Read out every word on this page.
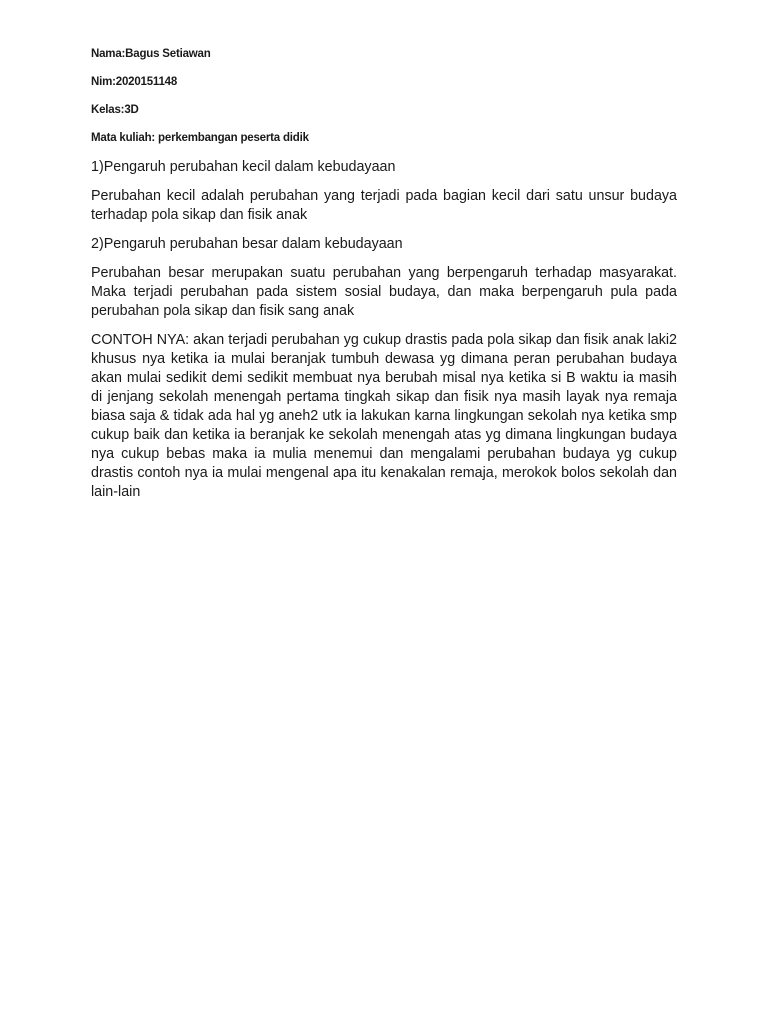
Nama:Bagus Setiawan

Nim:2020151148

Kelas:3D

Mata kuliah: perkembangan peserta didik

1)Pengaruh perubahan kecil dalam kebudayaan

Perubahan kecil adalah perubahan yang terjadi pada bagian kecil dari satu unsur budaya terhadap pola sikap dan fisik anak

2)Pengaruh perubahan besar dalam kebudayaan

Perubahan besar merupakan suatu perubahan yang berpengaruh terhadap masyarakat. Maka terjadi perubahan pada sistem sosial budaya, dan maka berpengaruh pula pada perubahan pola sikap dan fisik sang anak

CONTOH NYA: akan terjadi perubahan yg cukup drastis pada pola sikap dan fisik anak laki2 khusus nya ketika ia mulai beranjak tumbuh dewasa yg dimana peran perubahan budaya akan mulai sedikit demi sedikit membuat nya berubah misal nya ketika si B waktu ia masih di jenjang sekolah menengah pertama tingkah sikap dan fisik nya masih layak nya remaja biasa saja & tidak ada hal yg aneh2 utk ia lakukan karna lingkungan sekolah nya ketika smp cukup baik dan ketika ia beranjak ke sekolah menengah atas yg dimana lingkungan budaya nya cukup bebas maka ia mulia menemui dan mengalami perubahan budaya yg cukup drastis contoh nya ia mulai mengenal apa itu kenakalan remaja, merokok bolos sekolah dan lain-lain
